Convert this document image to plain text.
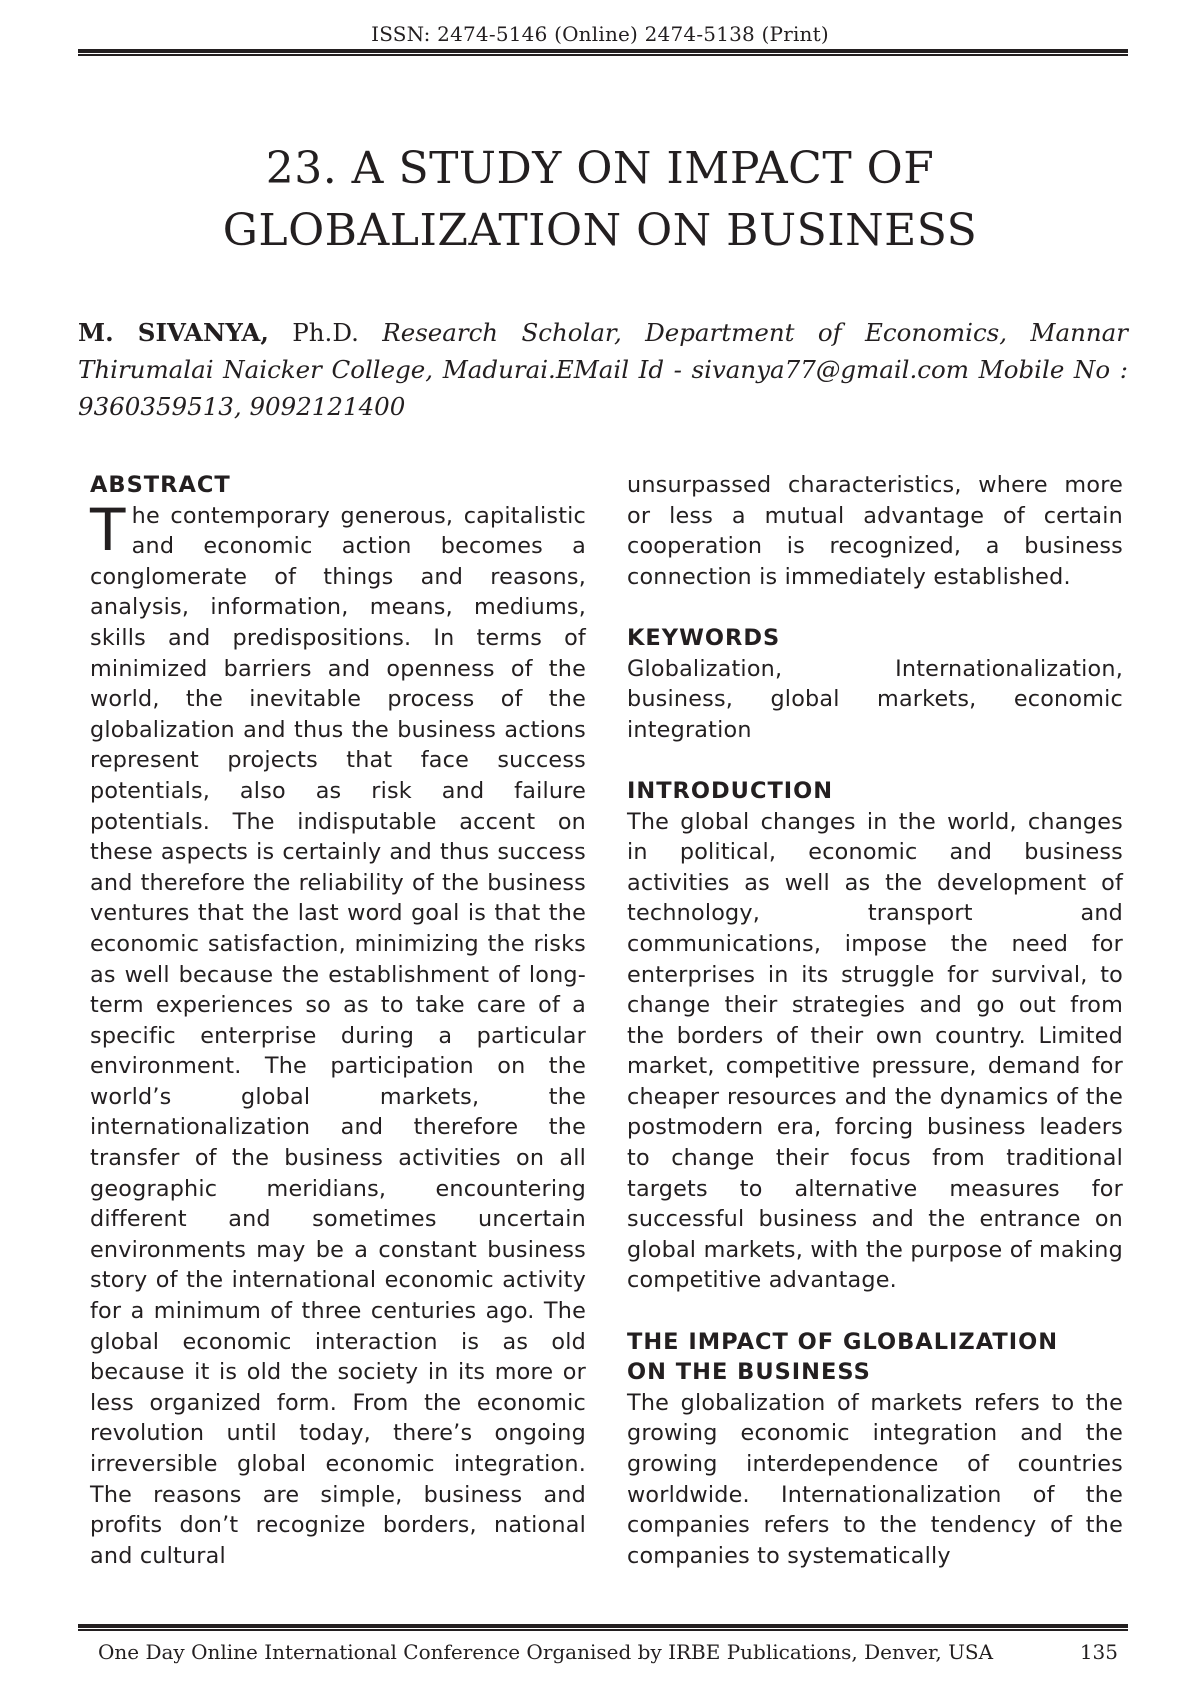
ISSN: 2474-5146 (Online) 2474-5138 (Print)
23. A STUDY ON IMPACT OF
GLOBALIZATION ON BUSINESS
M. SIVANYA, Ph.D. Research Scholar, Department of Economics, Mannar Thirumalai Naicker College, Madurai.EMail Id - sivanya77@gmail.com Mobile No : 9360359513, 9092121400

ABSTRACT

The contemporary generous, capitalistic and economic action becomes a conglomerate of things and reasons, analysis, information, means, mediums, skills and predispositions. In terms of minimized barriers and openness of the world, the inevitable process of the globalization and thus the business actions represent projects that face success potentials, also as risk and failure potentials. The indisputable accent on these aspects is certainly and thus success and therefore the reliability of the business ventures that the last word goal is that the economic satisfaction, minimizing the risks as well because the establishment of long-term experiences so as to take care of a specific enterprise during a particular environment. The participation on the world’s global markets, the internationalization and therefore the transfer of the business activities on all geographic meridians, encountering different and sometimes uncertain environments may be a constant business story of the international economic activity for a minimum of three centuries ago. The global economic interaction is as old because it is old the society in its more or less organized form. From the economic revolution until today, there’s ongoing irreversible global economic integration. The reasons are simple, business and profits don’t recognize borders, national and cultural

unsurpassed characteristics, where more or less a mutual advantage of certain cooperation is recognized, a business connection is immediately established.

KEYWORDS

Globalization, Internationalization, business, global markets, economic integration

INTRODUCTION

The global changes in the world, changes in political, economic and business activities as well as the development of technology, transport and communications, impose the need for enterprises in its struggle for survival, to change their strategies and go out from the borders of their own country. Limited market, competitive pressure, demand for cheaper resources and the dynamics of the postmodern era, forcing business leaders to change their focus from traditional targets to alternative measures for successful business and the entrance on global markets, with the purpose of making competitive advantage.

THE IMPACT OF GLOBALIZATION
ON THE BUSINESS

The globalization of markets refers to the growing economic integration and the growing interdependence of countries worldwide. Internationalization of the companies refers to the tendency of the companies to systematically

One Day Online International Conference Organised by IRBE Publications, Denver, USA	135
